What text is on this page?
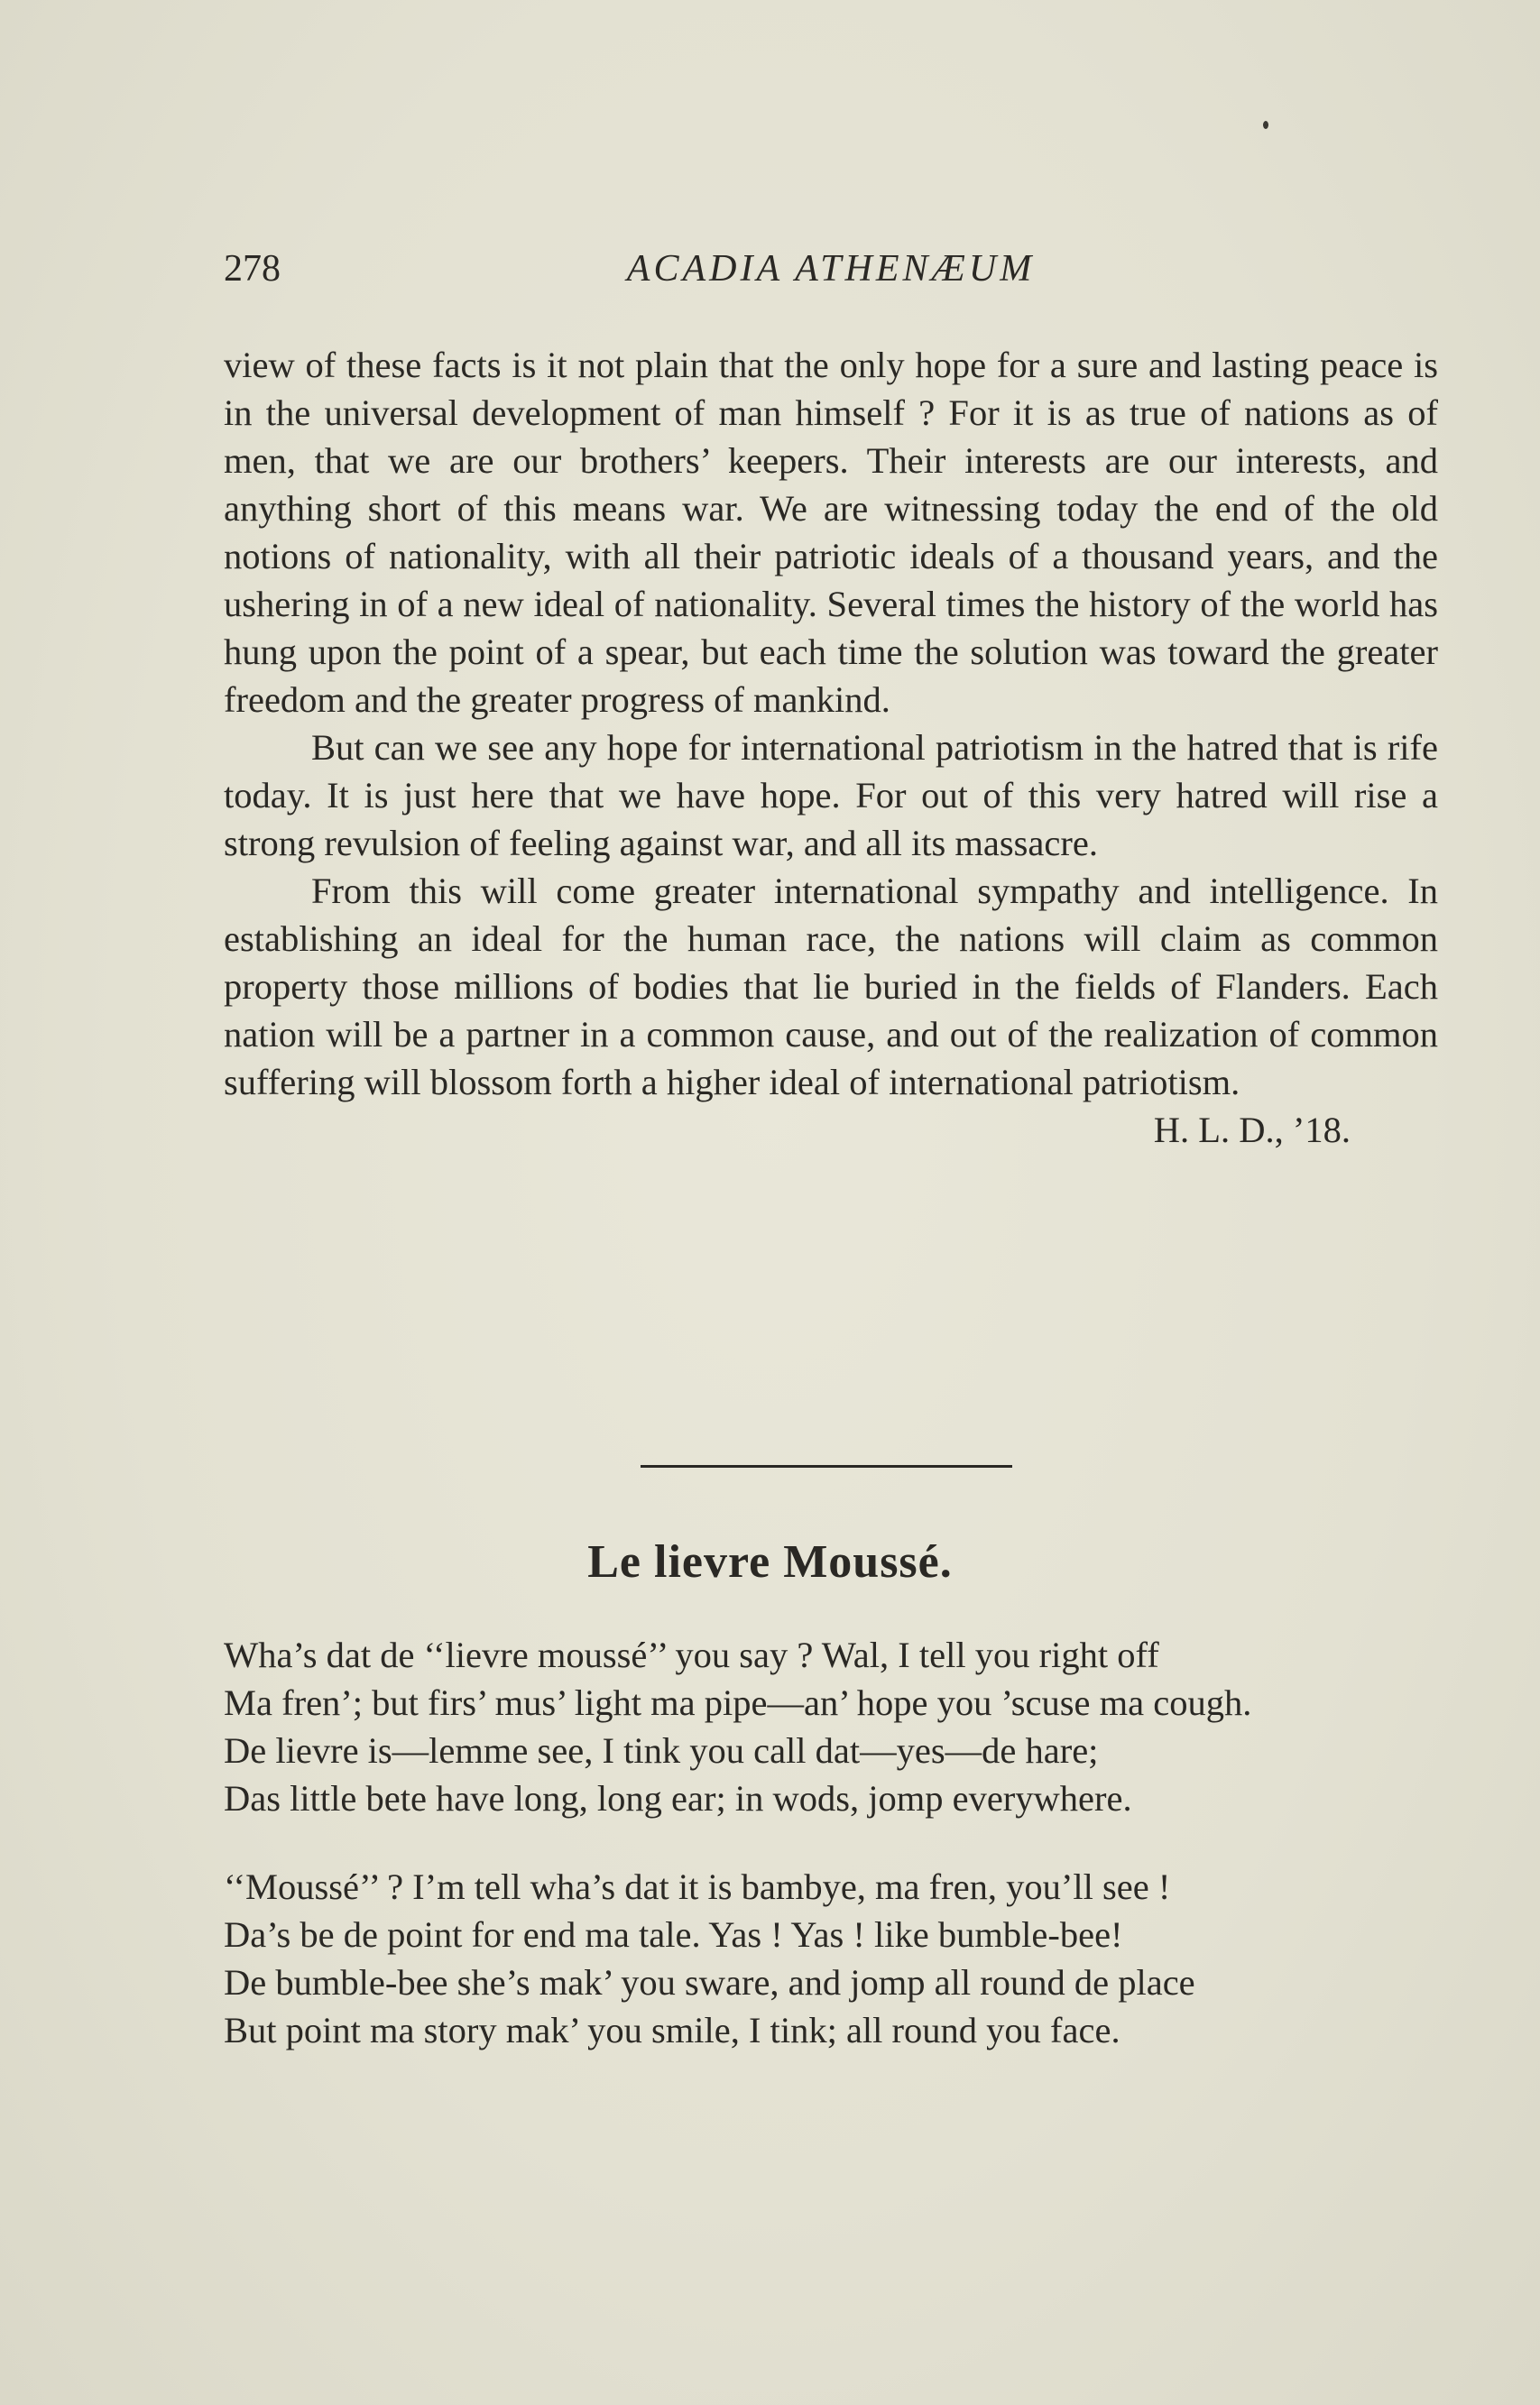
278	ACADIA ATHENÆUM

view of these facts is it not plain that the only hope for a sure and lasting peace is in the universal development of man himself ? For it is as true of nations as of men, that we are our brothers’ keepers. Their interests are our interests, and anything short of this means war. We are witnessing today the end of the old notions of nationality, with all their patriotic ideals of a thousand years, and the ushering in of a new ideal of nationality. Several times the history of the world has hung upon the point of a spear, but each time the solution was toward the greater freedom and the greater progress of mankind.

But can we see any hope for international patriotism in the hatred that is rife today. It is just here that we have hope. For out of this very hatred will rise a strong revulsion of feeling against war, and all its massacre.

From this will come greater international sympathy and intelligence. In establishing an ideal for the human race, the nations will claim as common property those millions of bodies that lie buried in the fields of Flanders. Each nation will be a partner in a common cause, and out of the realization of common suffering will blossom forth a higher ideal of international patriotism.
H. L. D., ’18.

Le lievre Moussé.

Wha’s dat de ‘‘lievre moussé’’ you say ? Wal, I tell you right off

Ma fren’; but firs’ mus’ light ma pipe—an’ hope you ’scuse ma cough.

De lievre is—lemme see, I tink you call dat—yes—de hare;

Das little bete have long, long ear; in wods, jomp everywhere.

‘‘Moussé’’ ? I’m tell wha’s dat it is bambye, ma fren, you’ll see !

Da’s be de point for end ma tale. Yas ! Yas ! like bumble-bee!

De bumble-bee she’s mak’ you sware, and jomp all round de place

But point ma story mak’ you smile, I tink; all round you face.
